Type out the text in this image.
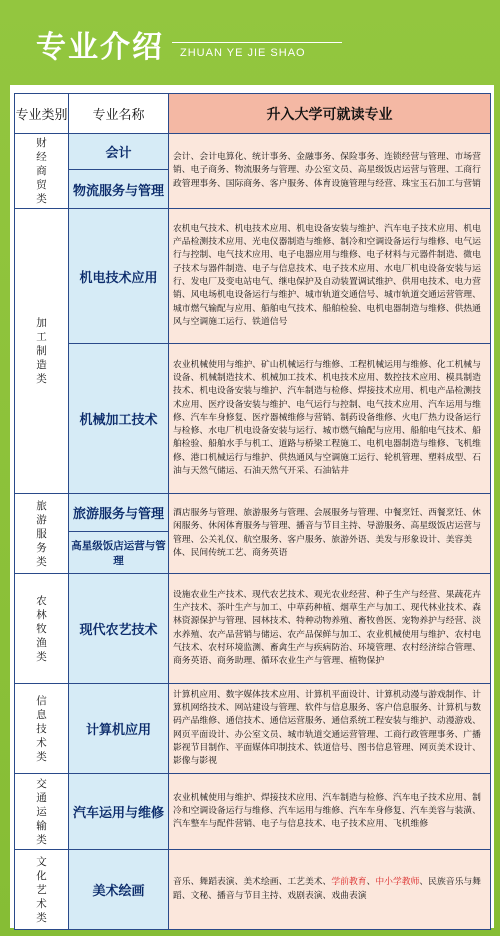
专业介绍 ZHUAN YE JIE SHAO
专业类别	专业名称	升入大学可就读专业
财经商贸类	会计	会计、会计电算化、统计事务、金融事务、保险事务、连锁经营与管理、市场营销、电子商务、物流服务与管理、办公室文员、高星级饭店运营与管理、工商行政管理事务、国际商务、客户服务、体育设施管理与经营、珠宝玉石加工与营销
	物流服务与管理	
加工制造类	机电技术应用	农机电气技术、机电技术应用、机电设备安装与维护、汽车电子技术应用、机电产品检测技术应用、光电仪器制造与维修、制冷和空调设备运行与维修、电气运行与控制、电气技术应用、电子电器应用与维修、电子材料与元器件制造、微电子技术与器件制造、电子与信息技术、电子技术应用、水电厂机电设备安装与运行、发电厂及变电站电气、继电保护及自动装置调试维护、供用电技术、电力营销、风电场机电设备运行与维护、城市轨道交通信号、城市轨道交通运营管理、城市燃气输配与应用、船舶电气技术、船舶检验、电机电器制造与维修、供热通风与空调施工运行、铁道信号
	机械加工技术	农业机械使用与维护、矿山机械运行与维修、工程机械运用与维修、化工机械与设备、机械制造技术、机械加工技术、机电技术应用、数控技术应用、模具制造技术、机电设备安装与维护、汽车制造与检修、焊接技术应用、机电产品检测技术应用、医疗设备安装与维护、电气运行与控制、电气技术应用、汽车运用与维修、汽车车身修复、医疗器械维修与营销、制药设备维修、火电厂热力设备运行与检修、水电厂机电设备安装与运行、城市燃气输配与应用、船舶电气技术、船舶检验、船舶水手与机工、道路与桥梁工程施工、电机电器制造与维修、飞机维修、港口机械运行与维护、供热通风与空调施工运行、轮机管理、塑料成型、石油与天然气储运、石油天然气开采、石油钻井
旅游服务类	旅游服务与管理	酒店服务与管理、旅游服务与管理、会展服务与管理、中餐烹饪、西餐烹饪、休闲服务、休闲体育服务与管理、播音与节目主持、导游服务、高星级饭店运营与管理、公关礼仪、航空服务、客户服务、旅游外语、美发与形象设计、美容美体、民间传统工艺、商务英语
	高星级饭店运营与管理	
农林牧渔类	现代农艺技术	设施农业生产技术、现代农艺技术、观光农业经营、种子生产与经营、果蔬花卉生产技术、茶叶生产与加工、中草药种植、烟草生产与加工、现代林业技术、森林资源保护与管理、园林技术、特种动物养殖、畜牧兽医、宠物养护与经营、淡水养殖、农产品营销与储运、农产品保鲜与加工、农业机械使用与维护、农村电气技术、农村环境监测、畜禽生产与疾病防治、环境管理、农村经济综合管理、商务英语、商务助理、循环农业生产与管理、植物保护
信息技术类	计算机应用	计算机应用、数字媒体技术应用、计算机平面设计、计算机动漫与游戏制作、计算机网络技术、网站建设与管理、软件与信息服务、客户信息服务、计算机与数码产品维修、通信技术、通信运营服务、通信系统工程安装与维护、动漫游戏、网页平面设计、办公室文员、城市轨道交通运营管理、工商行政管理事务、广播影视节目制作、平面媒体印制技术、铁道信号、图书信息管理、网页美术设计、影像与影视
交通运输类	汽车运用与维修	农业机械使用与维护、焊接技术应用、汽车制造与检修、汽车电子技术应用、制冷和空调设备运行与维修、汽车运用与维修、汽车车身修复、汽车美容与装潢、汽车整车与配件营销、电子与信息技术、电子技术应用、飞机维修
文化艺术类	美术绘画	音乐、舞蹈表演、美术绘画、工艺美术、学前教育、中小学教师、民族音乐与舞蹈、文秘、播音与节目主持、戏剧表演、戏曲表演
